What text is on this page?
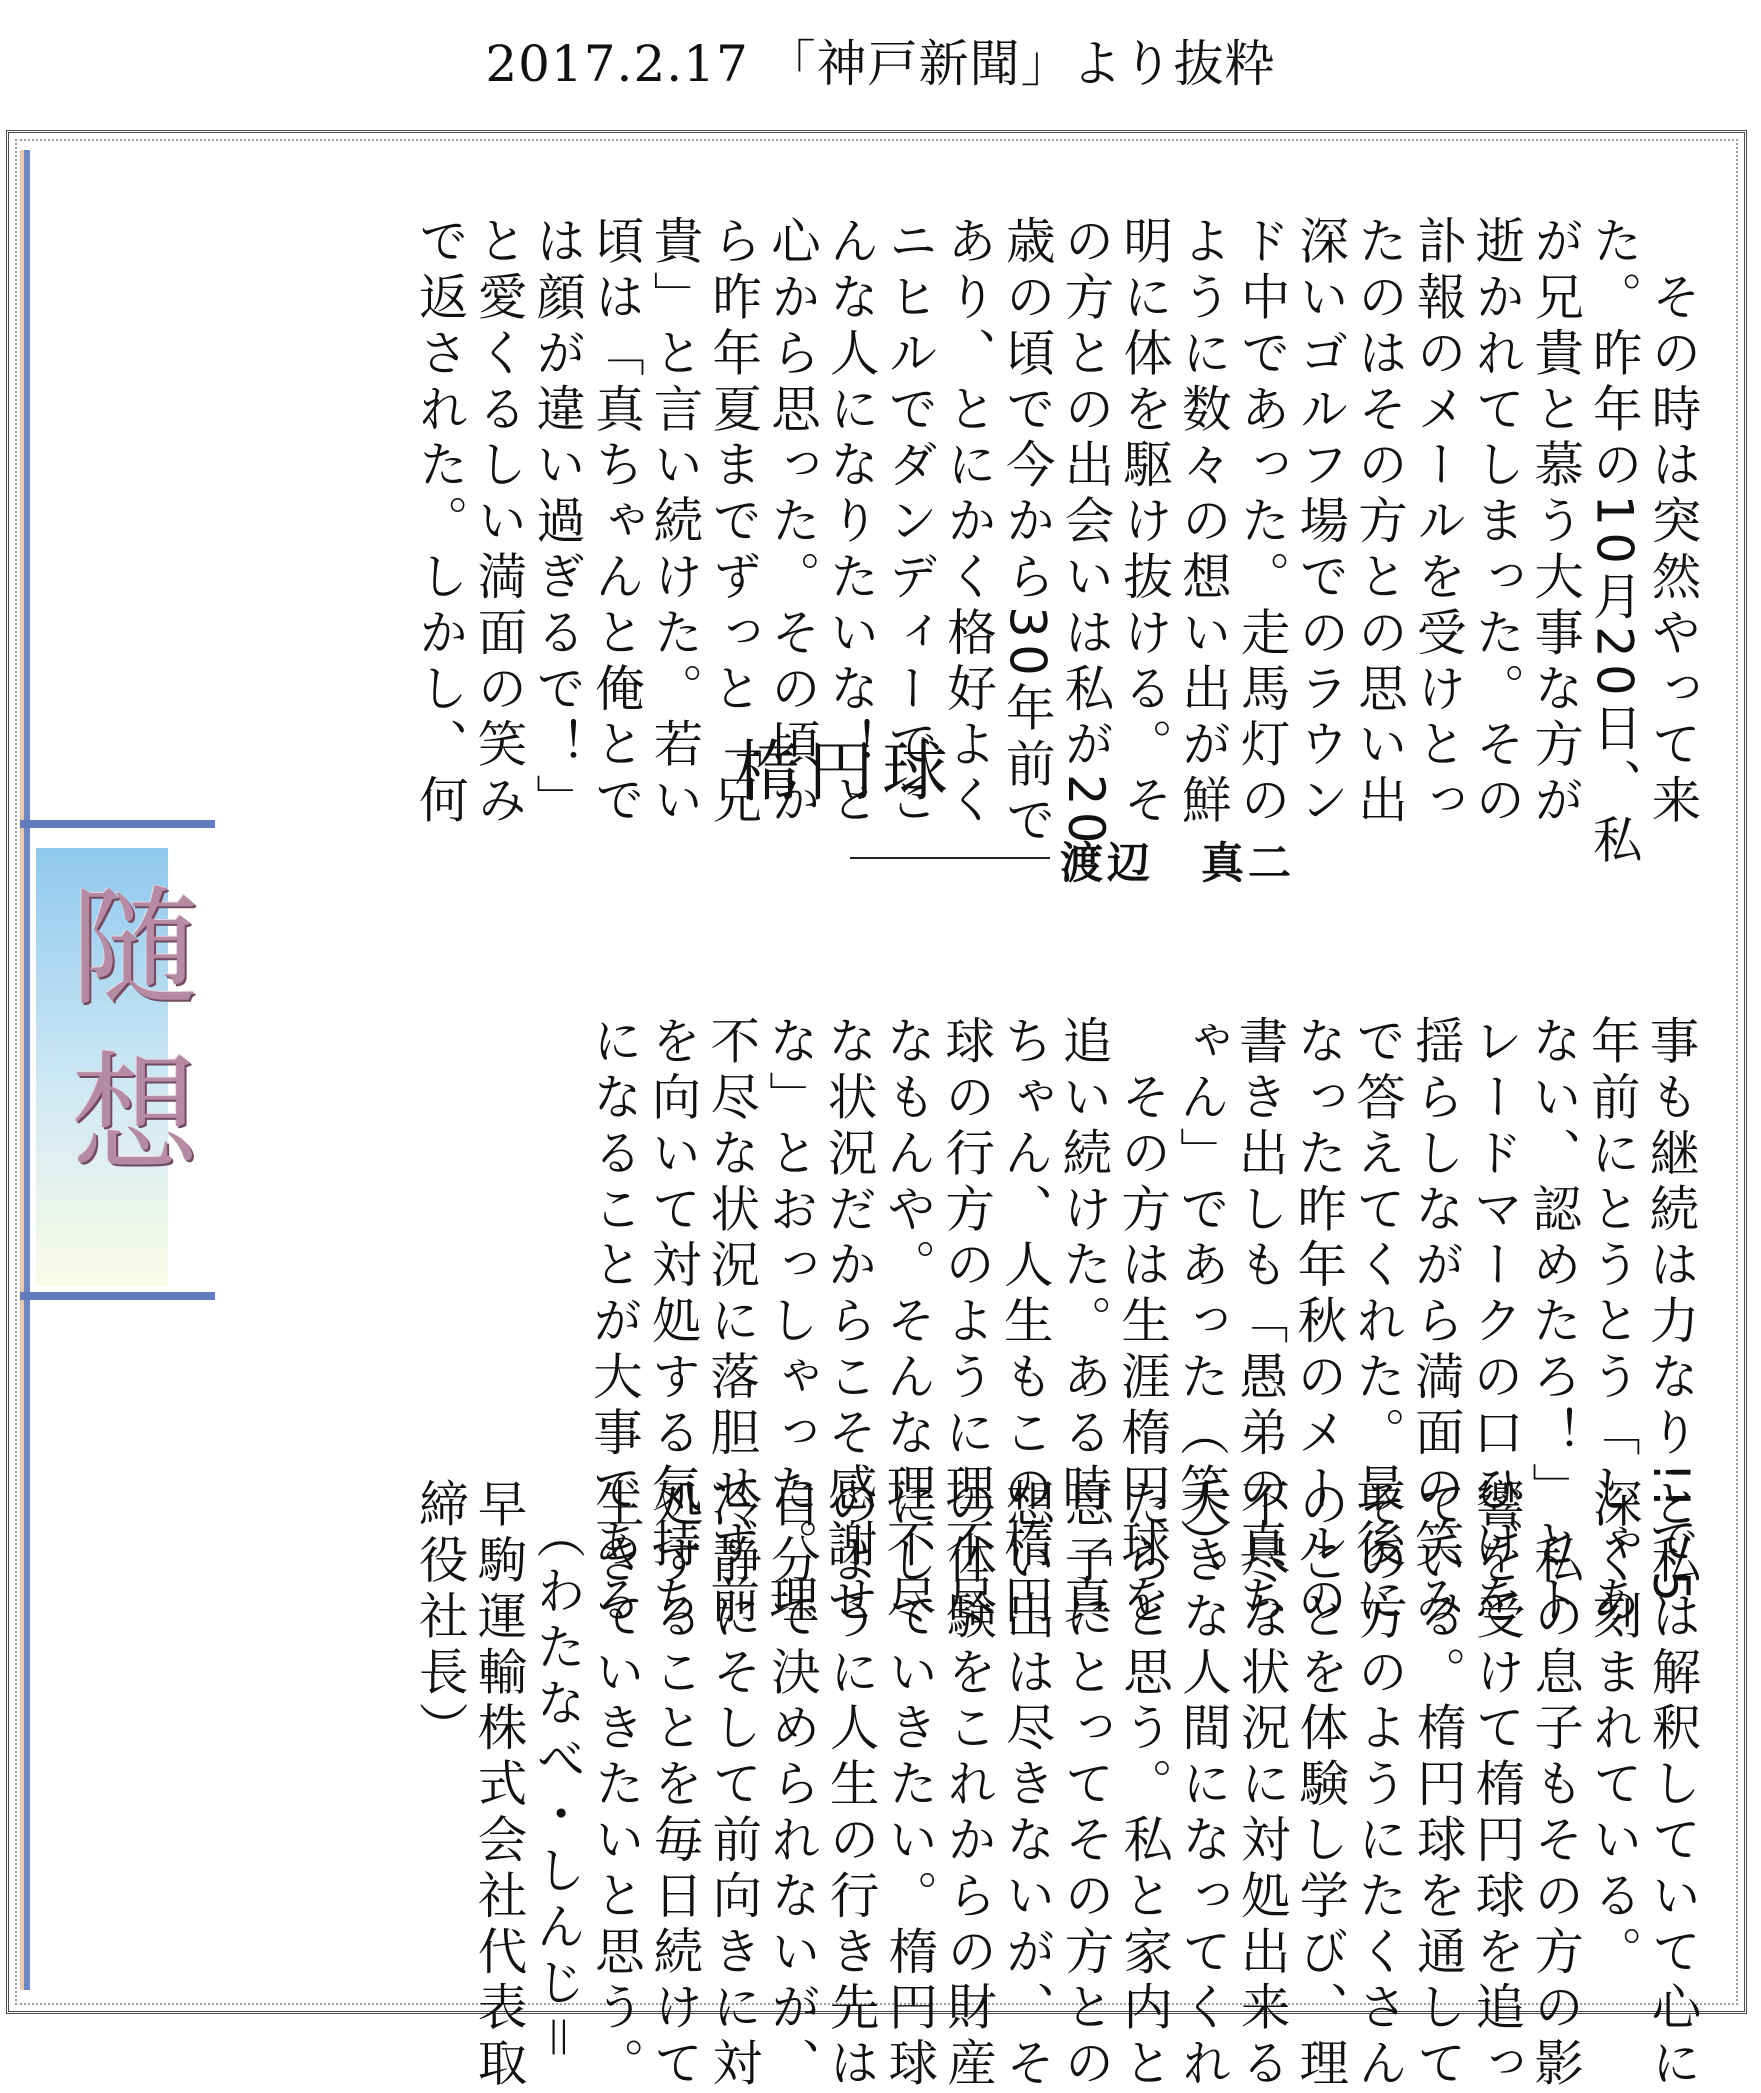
2017.2.17 「神戸新聞」より抜粋
随想
　その時は突然やって来
た。昨年の10月20日、私
が兄貴と慕う大事な方が
逝かれてしまった。その
訃報のメールを受けとっ
たのはその方との思い出
深いゴルフ場でのラウン
ド中であった。走馬灯の
ように数々の想い出が鮮
明に体を駆け抜ける。そ
の方との出会いは私が20
歳の頃で今から30年前で
あり、とにかく格好よく
ニヒルでダンディーでこ
んな人になりたいな！と
心から思った。その頃か
ら昨年夏までずっと「兄
貴」と言い続けた。若い
頃は「真ちゃんと俺とで
は顔が違い過ぎるで！」
と愛くるしい満面の笑み
で返された。しかし、何
事も継続は力なり!!で5
年前にとうとう「しゃあ
ない、認めたろ！」とト
レードマークの口ひげを
揺らしながら満面の笑み
で答えてくれた。最後に
なった昨年秋のメールの
書き出しも「愚弟の真ち
ゃん」であった（笑）。
　その方は生涯楕円球を
追い続けた。ある時「真
ちゃん、人生もこの楕円
球の行方のように理不尽
なもんや。そんな理不尽
な状況だからこそ感謝せ
な」とおっしゃった。理
不尽な状況に落胆せず前
を向いて対処する気持ち
になることが大事である
と私は解釈していて心に
深く刻まれている。
　私の息子もその方の影
響を受けて楕円球を追っ
ている。楕円球を通して
その方のようにたくさん
のことを体験し学び、理
不尽な状況に対処出来る
大きな人間になってくれ
たらと思う。私と家内と
息子にとってその方との
想い出は尽きないが、そ
の体験をこれからの財産
にしていきたい。楕円球
のように人生の行き先は
自分で決められないが、
冷静にそして前向きに対
処することを毎日続けて
生きていきたいと思う。
　（わたなべ・しんじ＝
早駒運輸株式会社代表取
締役社長）
楕円球
渡辺　真二
